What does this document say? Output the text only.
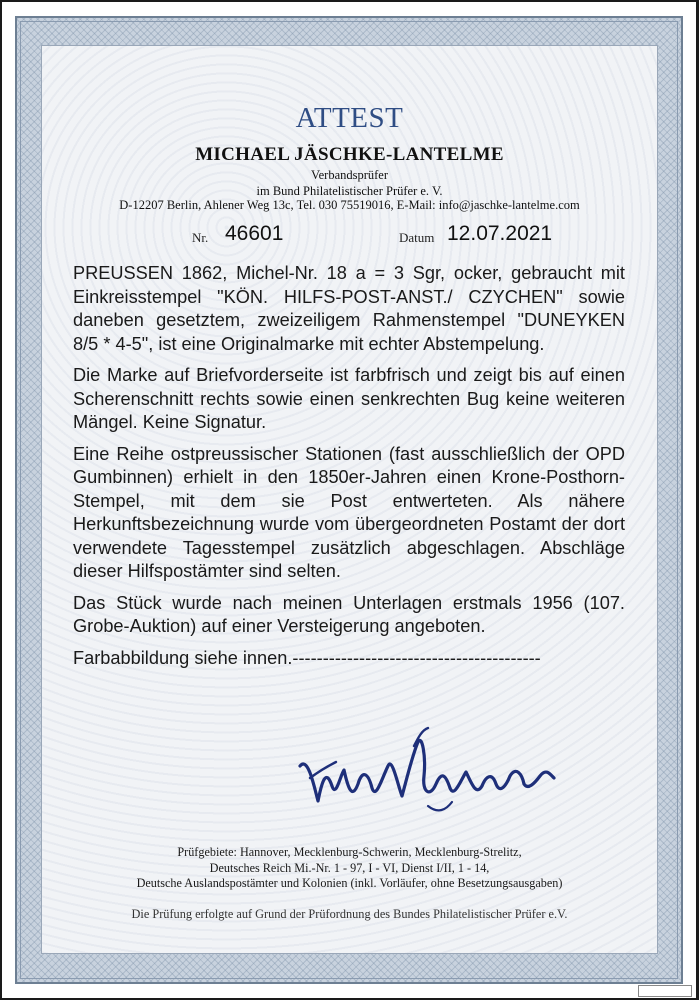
ATTEST
MICHAEL JÄSCHKE-LANTELME
Verbandsprüfer
im Bund Philatelistischer Prüfer e. V.
D-12207 Berlin, Ahlener Weg 13c, Tel. 030 75519016, E-Mail: info@jaschke-lantelme.com
Nr. 46601	Datum 12.07.2021

PREUSSEN 1862, Michel-Nr. 18 a = 3 Sgr, ocker, gebraucht mit Einkreisstempel "KÖN. HILFS-POST-ANST./ CZYCHEN" sowie daneben gesetztem, zweizeiligem Rahmenstempel "DUNEYKEN 8/5 * 4-5", ist eine Originalmarke mit echter Abstempelung.

Die Marke auf Briefvorderseite ist farbfrisch und zeigt bis auf einen Scherenschnitt rechts sowie einen senkrechten Bug keine weiteren Mängel. Keine Signatur.

Eine Reihe ostpreussischer Stationen (fast ausschließlich der OPD Gumbinnen) erhielt in den 1850er-Jahren einen Krone-Posthorn-Stempel, mit dem sie Post entwerteten. Als nähere Herkunftsbezeichnung wurde vom übergeordneten Postamt der dort verwendete Tagesstempel zusätzlich abgeschlagen. Abschläge dieser Hilfspostämter sind selten.

Das Stück wurde nach meinen Unterlagen erstmals 1956 (107. Grobe-Auktion) auf einer Versteigerung angeboten.

Farbabbildung siehe innen.-----------------------------------------

Prüfgebiete: Hannover, Mecklenburg-Schwerin, Mecklenburg-Strelitz,
Deutsches Reich Mi.-Nr. 1 - 97, I - VI, Dienst I/II, 1 - 14,
Deutsche Auslandspostämter und Kolonien (inkl. Vorläufer, ohne Besetzungsausgaben)
Die Prüfung erfolgte auf Grund der Prüfordnung des Bundes Philatelistischer Prüfer e.V.
